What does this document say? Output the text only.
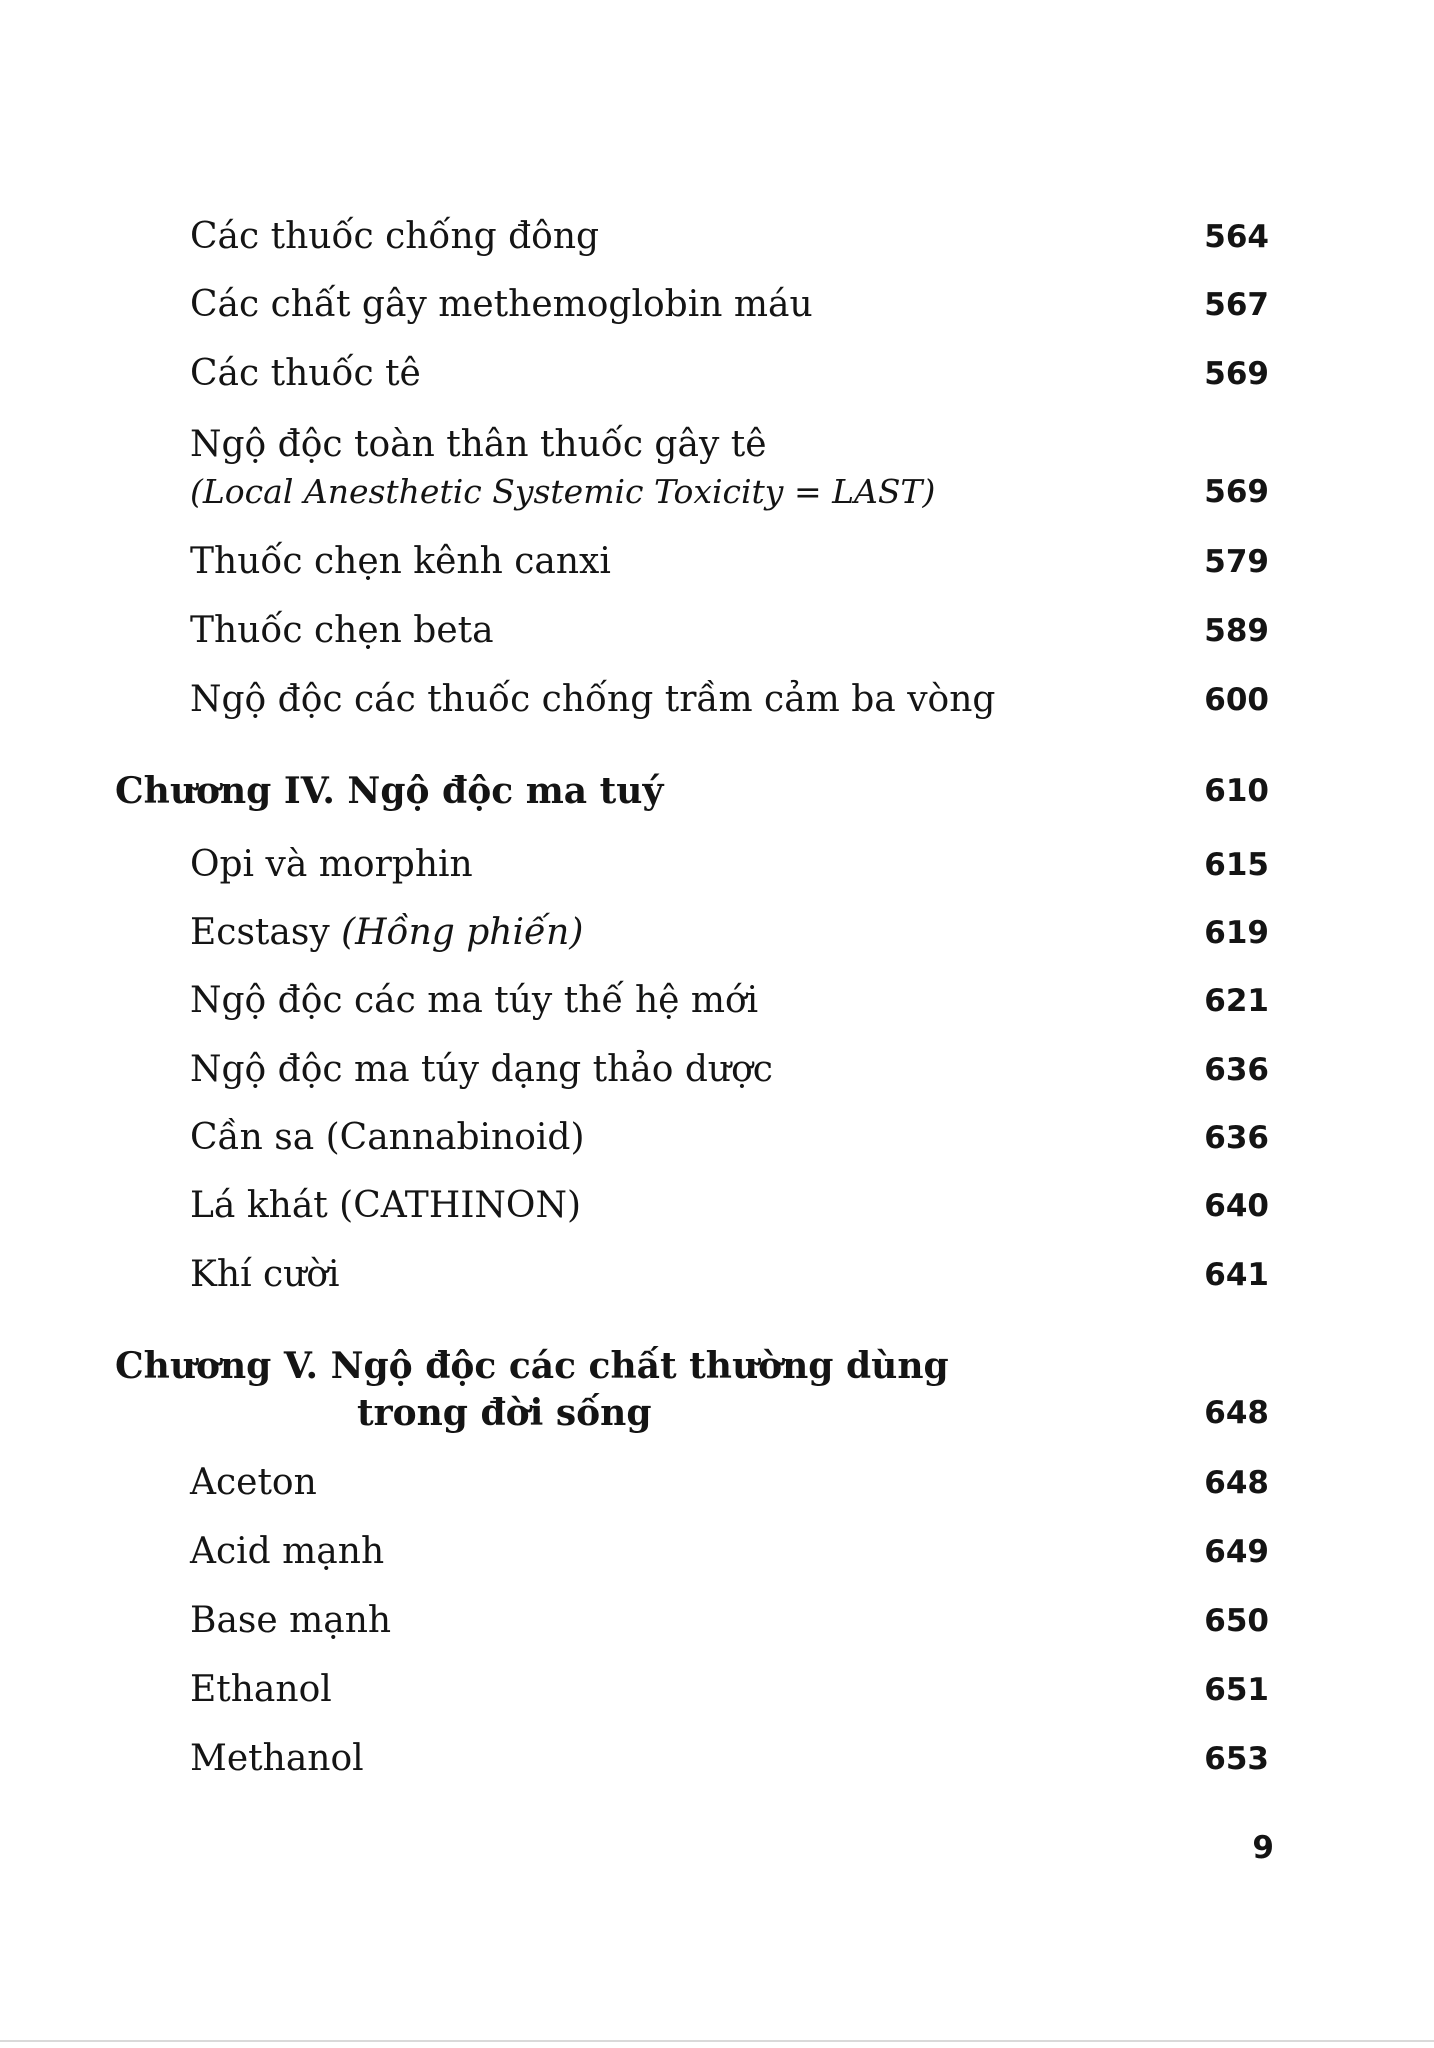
Các thuốc chống đông	564
Các chất gây methemoglobin máu	567
Các thuốc tê	569
Ngộ độc toàn thân thuốc gây tê
(Local Anesthetic Systemic Toxicity = LAST)	569
Thuốc chẹn kênh canxi	579
Thuốc chẹn beta	589
Ngộ độc các thuốc chống trầm cảm ba vòng	600
Chương IV. Ngộ độc ma tuý	610
Opi và morphin	615
Ecstasy (Hồng phiến)	619
Ngộ độc các ma túy thế hệ mới	621
Ngộ độc ma túy dạng thảo dược	636
Cần sa (Cannabinoid)	636
Lá khát (CATHINON)	640
Khí cười	641
Chương V. Ngộ độc các chất thường dùng
trong đời sống	648
Aceton	648
Acid mạnh	649
Base mạnh	650
Ethanol	651
Methanol	653
9
